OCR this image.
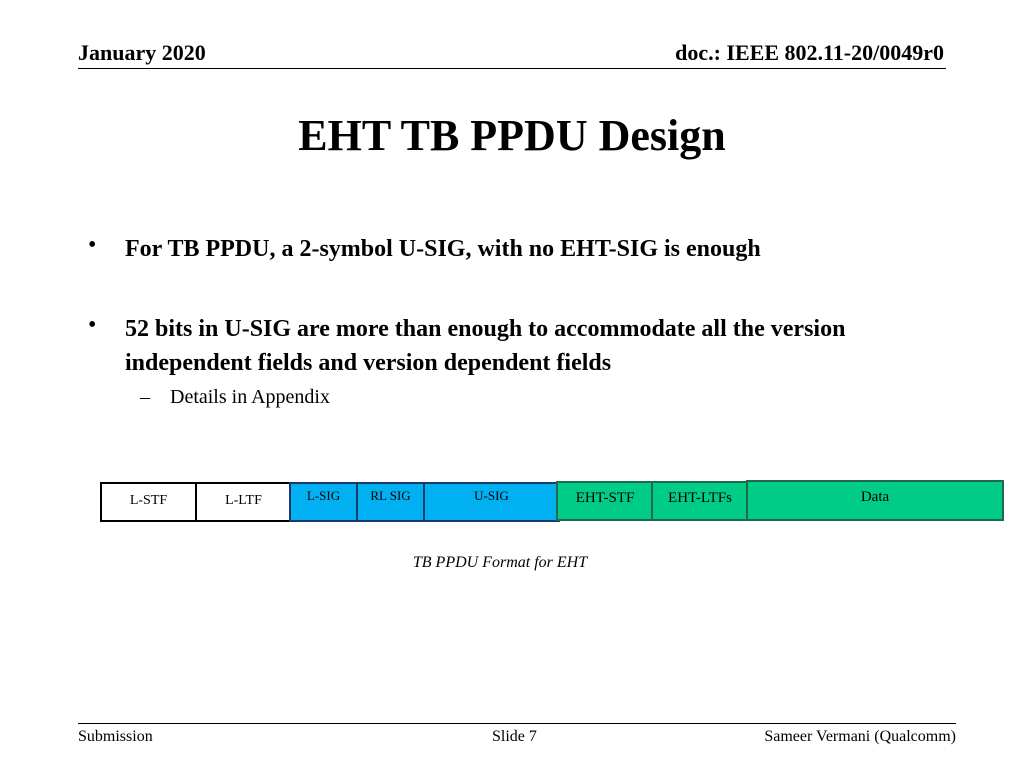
January 2020	doc.: IEEE 802.11-20/0049r0
EHT TB PPDU Design
• For TB PPDU, a 2-symbol U-SIG, with no EHT-SIG is enough
• 52 bits in U-SIG are more than enough to accommodate all the version independent fields and version dependent fields
– Details in Appendix
L-STF	L-LTF	L-SIG	RL SIG	U-SIG	EHT-STF	EHT-LTFs	Data
TB PPDU Format for EHT
Submission	Slide 7	Sameer Vermani (Qualcomm)
